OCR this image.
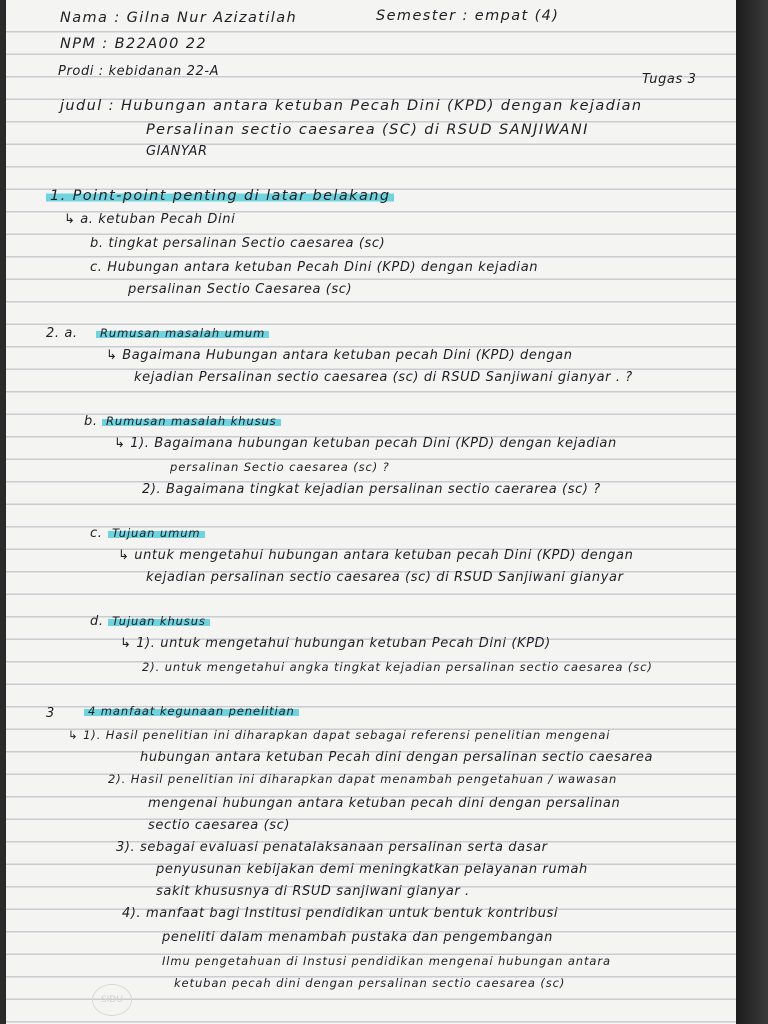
Nama : Gilna Nur Azizatilah	Semester : empat (4)
NPM : B22A00 22
Prodi : kebidanan 22-A
Tugas 3
judul : Hubungan antara ketuban Pecah Dini (KPD) dengan kejadian
Persalinan sectio caesarea (SC) di RSUD SANJIWANI
GIANYAR
1. Point-point penting di latar belakang
↳ a. ketuban Pecah Dini
b. tingkat persalinan Sectio caesarea (sc)
c. Hubungan antara ketuban Pecah Dini (KPD) dengan kejadian
persalinan Sectio Caesarea (sc)
2. a.	Rumusan masalah umum
↳ Bagaimana Hubungan antara ketuban pecah Dini (KPD) dengan
kejadian Persalinan sectio caesarea (sc) di RSUD Sanjiwani gianyar . ?
b. Rumusan masalah khusus
↳ 1). Bagaimana hubungan ketuban pecah Dini (KPD) dengan kejadian
persalinan Sectio caesarea (sc) ?
2). Bagaimana tingkat kejadian persalinan sectio caerarea (sc) ?
c. Tujuan umum
↳ untuk mengetahui hubungan antara ketuban pecah Dini (KPD) dengan
kejadian persalinan sectio caesarea (sc) di RSUD Sanjiwani gianyar
d. Tujuan khusus
↳ 1). untuk mengetahui hubungan ketuban Pecah Dini (KPD)
2). untuk mengetahui angka tingkat kejadian persalinan sectio caesarea (sc)
3	4 manfaat kegunaan penelitian
↳ 1). Hasil penelitian ini diharapkan dapat sebagai referensi penelitian mengenai
hubungan antara ketuban Pecah dini dengan persalinan sectio caesarea
2). Hasil penelitian ini diharapkan dapat menambah pengetahuan / wawasan
mengenai hubungan antara ketuban pecah dini dengan persalinan
sectio caesarea (sc)
3). sebagai evaluasi penatalaksanaan persalinan serta dasar
penyusunan kebijakan demi meningkatkan pelayanan rumah
sakit khususnya di RSUD sanjiwani gianyar .
4). manfaat bagi Institusi pendidikan untuk bentuk kontribusi
peneliti dalam menambah pustaka dan pengembangan
Ilmu pengetahuan di Instusi pendidikan mengenai hubungan antara
ketuban pecah dini dengan persalinan sectio caesarea (sc)
SIDU
